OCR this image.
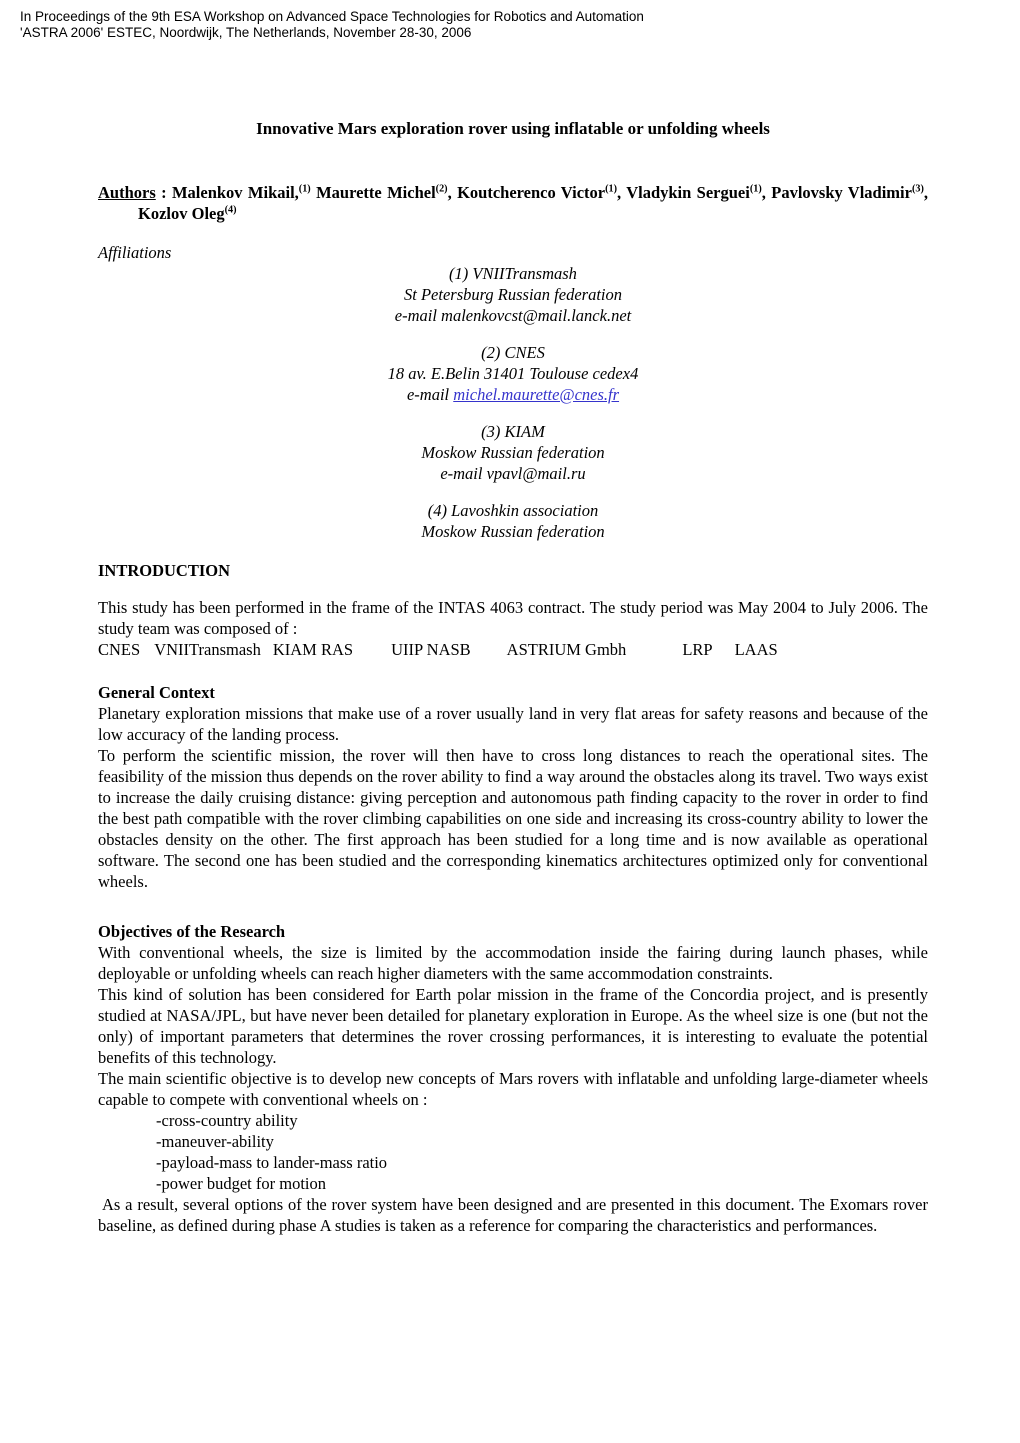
In Proceedings of the 9th ESA Workshop on Advanced Space Technologies for Robotics and Automation
'ASTRA 2006' ESTEC, Noordwijk, The Netherlands, November 28-30, 2006
Innovative Mars exploration rover using inflatable or unfolding wheels

Authors : Malenkov Mikail,$^{(1)}$ Maurette Michel$^{(2)}$, Koutcherenco Victor$^{(1)}$, Vladykin Serguei$^{(1)}$, Pavlovsky Vladimir$^{(3)}$, Kozlov Oleg$^{(4)}$

Affiliations

(1) VNIITransmash
St Petersburg Russian federation
e-mail malenkovcst@mail.lanck.net
(2) CNES
18 av. E.Belin 31401 Toulouse cedex4
e-mail michel.maurette@cnes.fr
(3) KIAM
Moskow Russian federation
e-mail vpavl@mail.ru
(4) Lavoshkin association
Moskow Russian federation
INTRODUCTION

This study has been performed in the frame of the INTAS 4063 contract. The study period was May 2004 to July 2006. The study team was composed of :

CNES VNIITransmash KIAM RAS UIIP NASB ASTRIUM Gmbh	LRP LAAS
General Context

Planetary exploration missions that make use of a rover usually land in very flat areas for safety reasons and because of the low accuracy of the landing process.

To perform the scientific mission, the rover will then have to cross long distances to reach the operational sites. The feasibility of the mission thus depends on the rover ability to find a way around the obstacles along its travel. Two ways exist to increase the daily cruising distance: giving perception and autonomous path finding capacity to the rover in order to find the best path compatible with the rover climbing capabilities on one side and increasing its cross-country ability to lower the obstacles density on the other. The first approach has been studied for a long time and is now available as operational software. The second one has been studied and the corresponding kinematics architectures optimized only for conventional wheels.

Objectives of the Research

With conventional wheels, the size is limited by the accommodation inside the fairing during launch phases, while deployable or unfolding wheels can reach higher diameters with the same accommodation constraints.

This kind of solution has been considered for Earth polar mission in the frame of the Concordia project, and is presently studied at NASA/JPL, but have never been detailed for planetary exploration in Europe. As the wheel size is one (but not the only) of important parameters that determines the rover crossing performances, it is interesting to evaluate the potential benefits of this technology.

The main scientific objective is to develop new concepts of Mars rovers with inflatable and unfolding large-diameter wheels capable to compete with conventional wheels on :

-cross-country ability
-maneuver-ability
-payload-mass to lander-mass ratio
-power budget for motion

As a result, several options of the rover system have been designed and are presented in this document. The Exomars rover baseline, as defined during phase A studies is taken as a reference for comparing the characteristics and performances.
